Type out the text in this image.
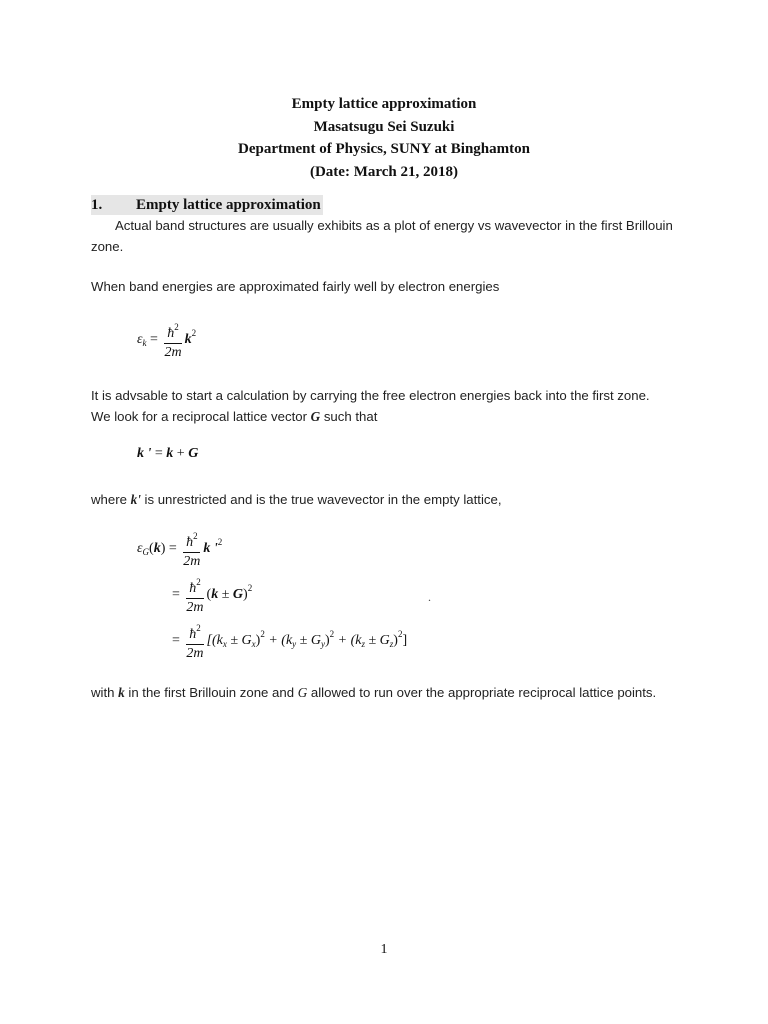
Empty lattice approximation
Masatsugu Sei Suzuki
Department of Physics, SUNY at Binghamton
(Date: March 21, 2018)
1. Empty lattice approximation
Actual band structures are usually exhibits as a plot of energy vs wavevector in the first Brillouin zone.
When band energies are approximated fairly well by electron energies
$\varepsilon_k = \frac{ħ^2}{2m} k^2$
It is advsable to start a calculation by carrying the free electron energies back into the first zone.
We look for a reciprocal lattice vector G such that
k ' = k + G
where k' is unrestricted and is the true wavevector in the empty lattice,
$\varepsilon_G(k) = \frac{ħ^2}{2m}$ k '$^2$
= $\frac{ħ^2}{2m} (k \pm G)^2$
.
= $\frac{ħ^2}{2m} [(k_x \pm G_x)^2 + (k_y \pm G_y)^2 + (k_z \pm G_z)^2]$
with k in the first Brillouin zone and G allowed to run over the appropriate reciprocal lattice points.
1
